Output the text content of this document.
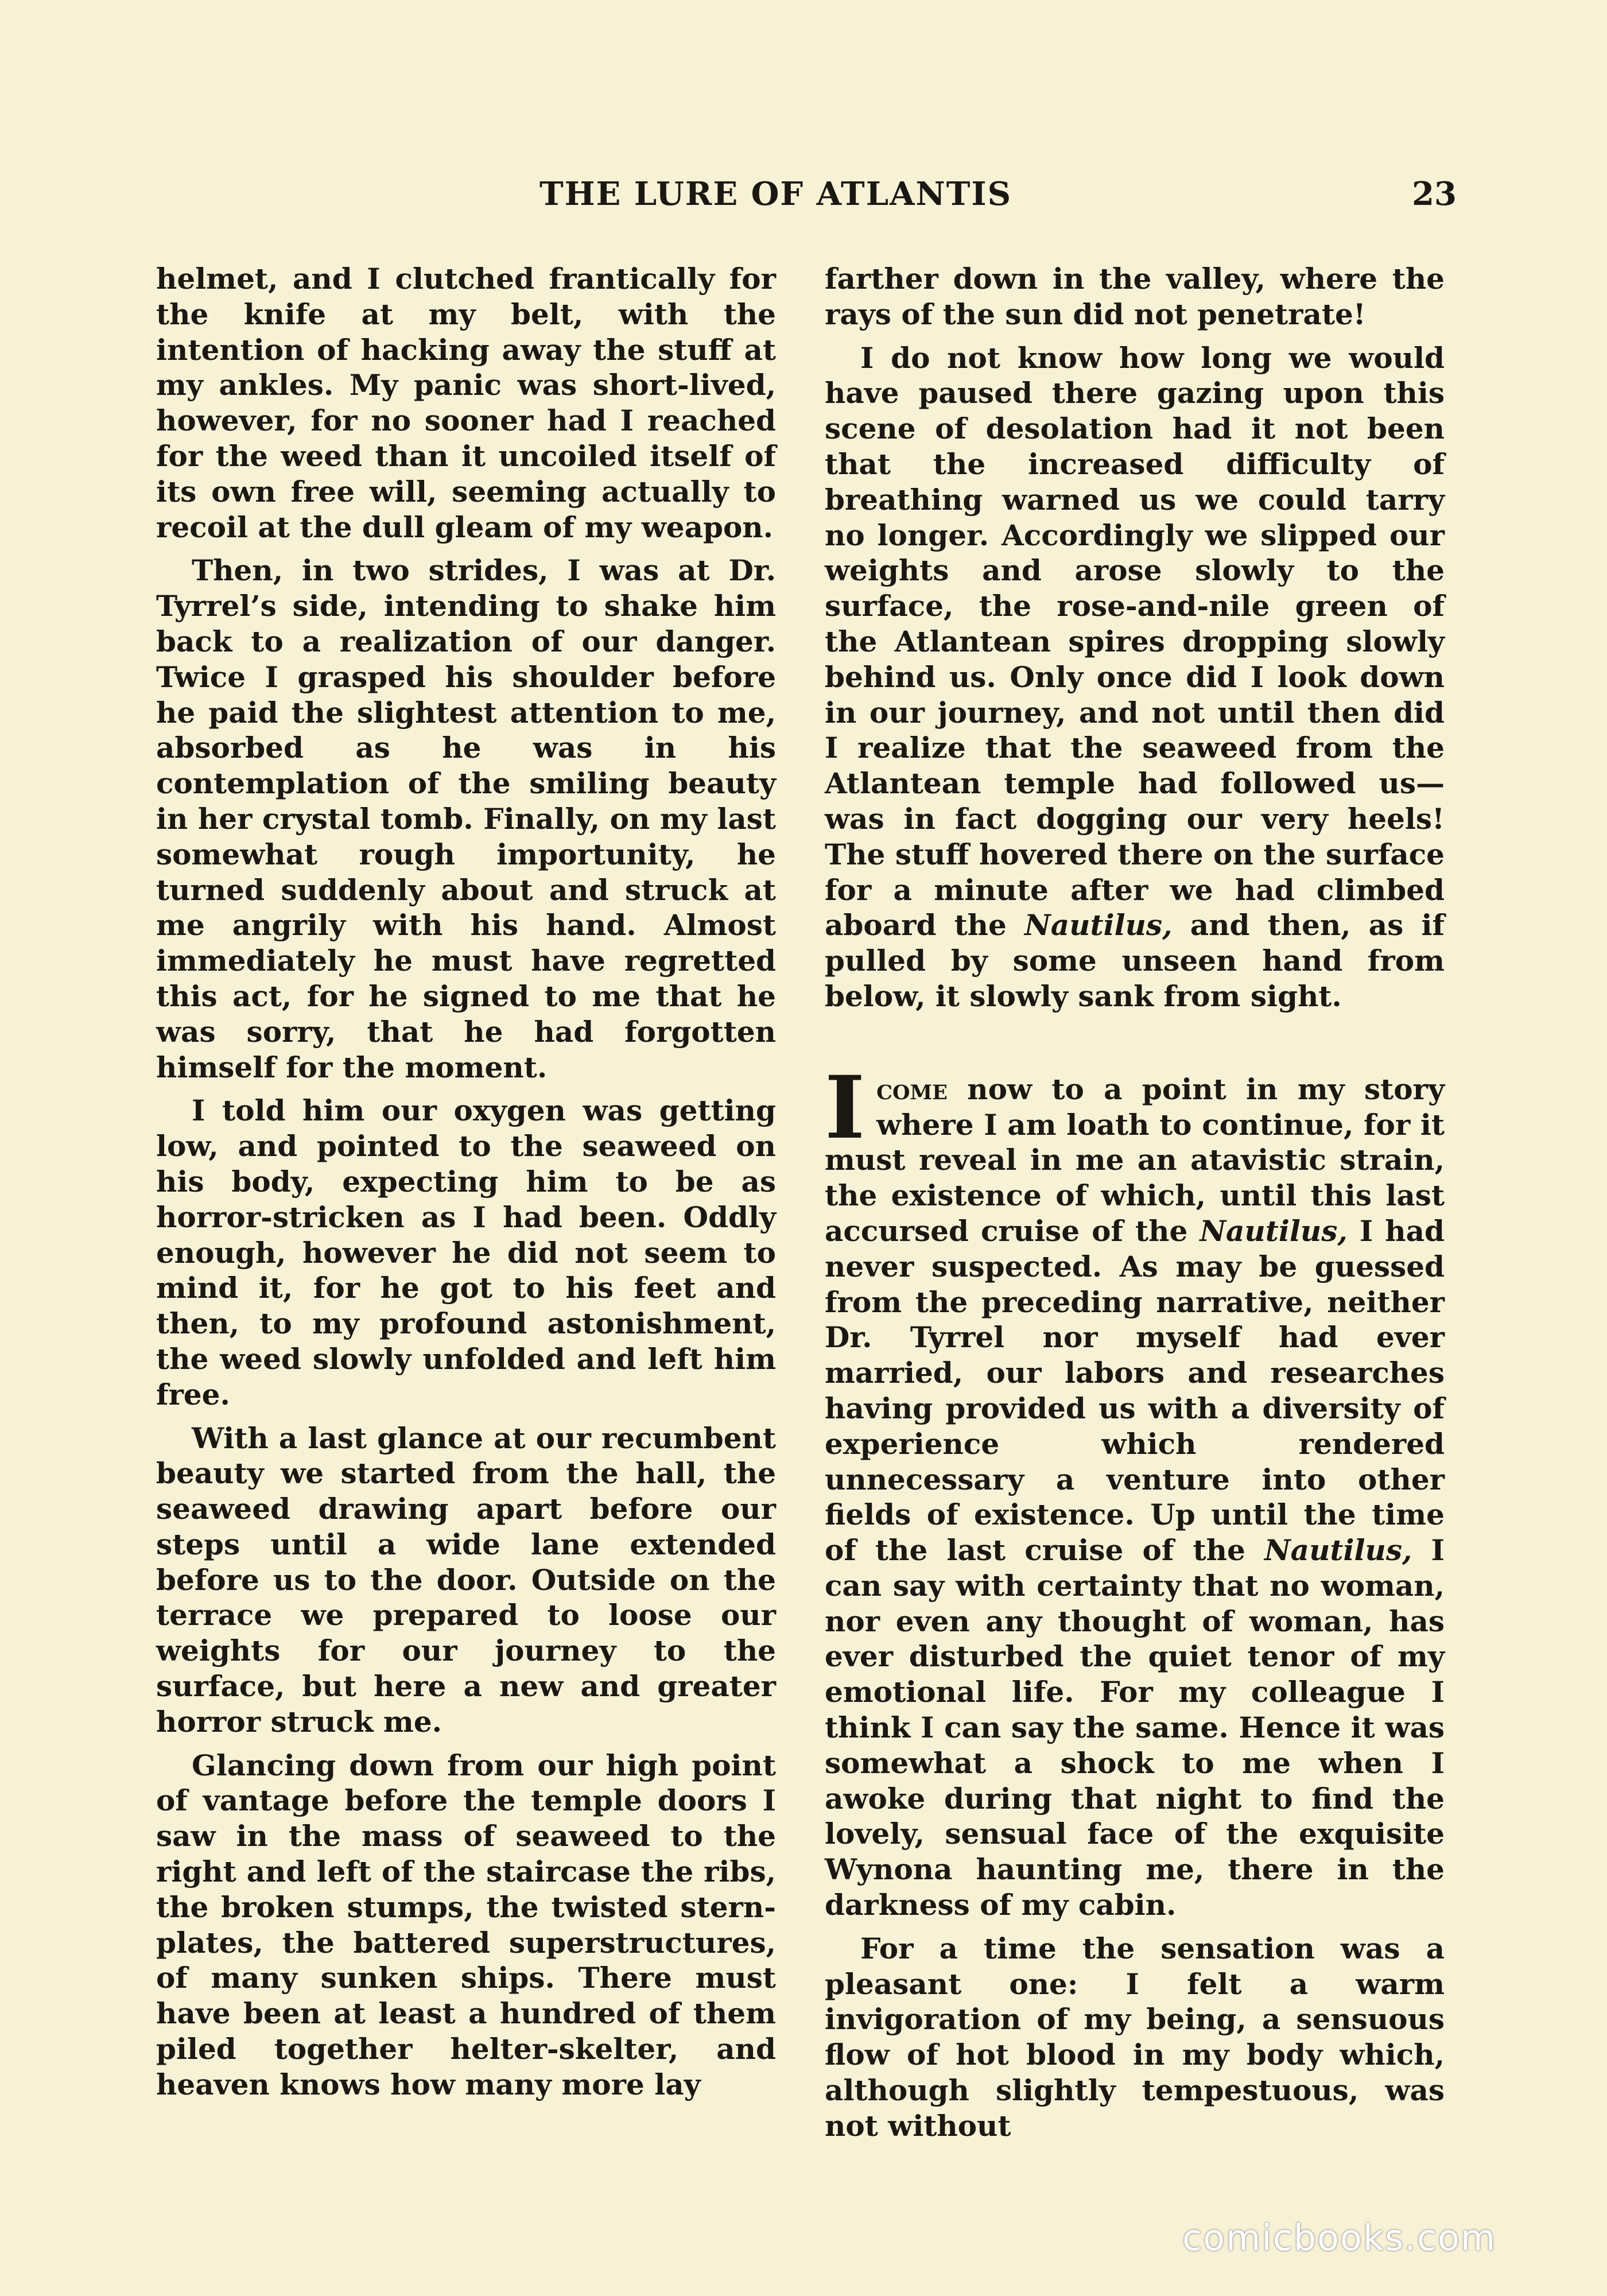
THE LURE OF ATLANTIS	23

helmet, and I clutched frantically for the knife at my belt, with the intention of hacking away the stuff at my ankles. My panic was short-lived, however, for no sooner had I reached for the weed than it uncoiled itself of its own free will, seeming actually to recoil at the dull gleam of my weapon.

Then, in two strides, I was at Dr. Tyrrel’s side, intending to shake him back to a realization of our danger. Twice I grasped his shoulder before he paid the slightest attention to me, absorbed as he was in his contemplation of the smiling beauty in her crystal tomb. Finally, on my last somewhat rough importunity, he turned suddenly about and struck at me angrily with his hand. Almost immediately he must have regretted this act, for he signed to me that he was sorry, that he had forgotten himself for the moment.

I told him our oxygen was getting low, and pointed to the seaweed on his body, expecting him to be as horror-stricken as I had been. Oddly enough, however he did not seem to mind it, for he got to his feet and then, to my profound astonishment, the weed slowly unfolded and left him free.

With a last glance at our recumbent beauty we started from the hall, the seaweed drawing apart before our steps until a wide lane extended before us to the door. Outside on the terrace we prepared to loose our weights for our journey to the surface, but here a new and greater horror struck me.

Glancing down from our high point of vantage before the temple doors I saw in the mass of seaweed to the right and left of the staircase the ribs, the broken stumps, the twisted stern-plates, the battered superstructures, of many sunken ships. There must have been at least a hundred of them piled together helter-skelter, and heaven knows how many more lay

farther down in the valley, where the rays of the sun did not penetrate!

I do not know how long we would have paused there gazing upon this scene of desolation had it not been that the increased difficulty of breathing warned us we could tarry no longer. Accordingly we slipped our weights and arose slowly to the surface, the rose-and-nile green of the Atlantean spires dropping slowly behind us. Only once did I look down in our journey, and not until then did I realize that the seaweed from the Atlantean temple had followed us—was in fact dogging our very heels! The stuff hovered there on the surface for a minute after we had climbed aboard the Nautilus, and then, as if pulled by some unseen hand from below, it slowly sank from sight.

Icome now to a point in my story where I am loath to continue, for it must reveal in me an atavistic strain, the existence of which, until this last accursed cruise of the Nautilus, I had never suspected. As may be guessed from the preceding narrative, neither Dr. Tyrrel nor myself had ever married, our labors and researches having provided us with a diversity of experience which rendered unnecessary a venture into other fields of existence. Up until the time of the last cruise of the Nautilus, I can say with certainty that no woman, nor even any thought of woman, has ever disturbed the quiet tenor of my emotional life. For my colleague I think I can say the same. Hence it was somewhat a shock to me when I awoke during that night to find the lovely, sensual face of the exquisite Wynona haunting me, there in the darkness of my cabin.

For a time the sensation was a pleasant one: I felt a warm invigoration of my being, a sensuous flow of hot blood in my body which, although slightly tempestuous, was not without

comicbooks.com
